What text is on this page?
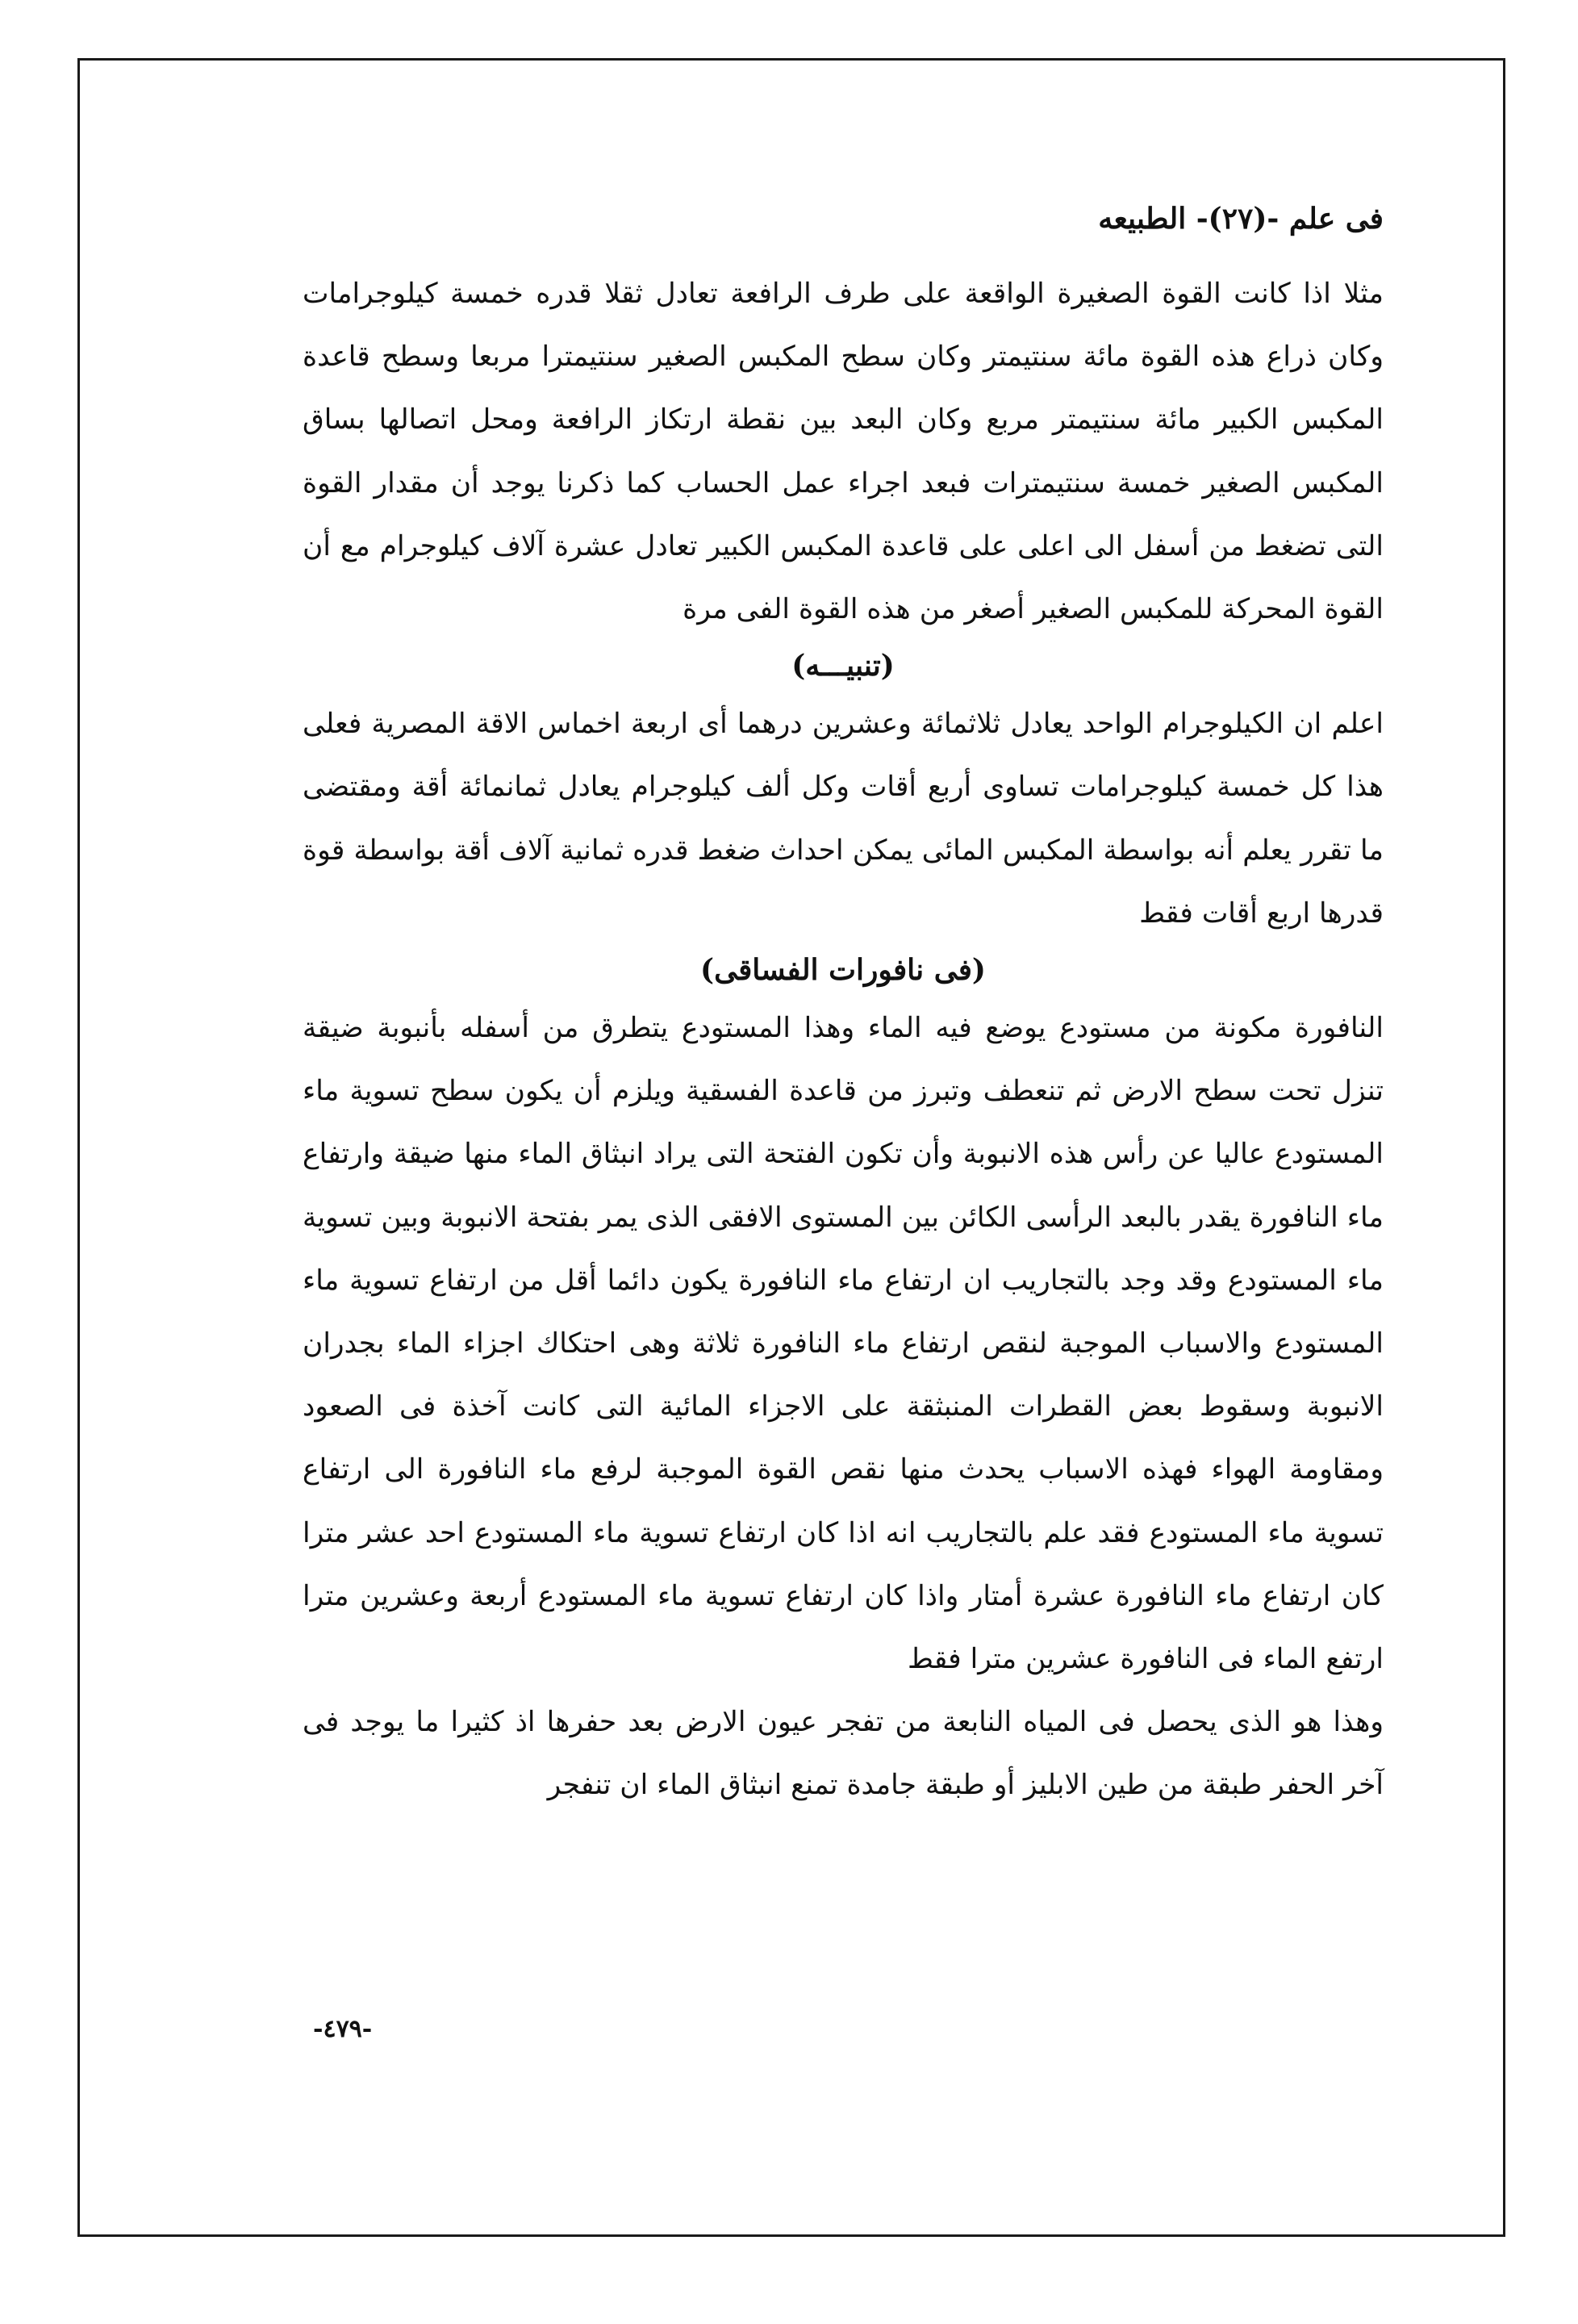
فى علم -(٢٧)- الطبيعه

مثلا اذا كانت القوة الصغيرة الواقعة على طرف الرافعة تعادل ثقلا قدره خمسة كيلوجرامات وكان ذراع هذه القوة مائة سنتيمتر وكان سطح المكبس الصغير سنتيمترا مربعا وسطح قاعدة المكبس الكبير مائة سنتيمتر مربع وكان البعد بين نقطة ارتكاز الرافعة ومحل اتصالها بساق المكبس الصغير خمسة سنتيمترات فبعد اجراء عمل الحساب كما ذكرنا يوجد أن مقدار القوة التى تضغط من أسفل الى اعلى على قاعدة المكبس الكبير تعادل عشرة آلاف كيلوجرام مع أن القوة المحركة للمكبس الصغير أصغر من هذه القوة الفى مرة

(تنبيـــه)

اعلم ان الكيلوجرام الواحد يعادل ثلاثمائة وعشرين درهما أى اربعة اخماس الاقة المصرية فعلى هذا كل خمسة كيلوجرامات تساوى أربع أقات وكل ألف كيلوجرام يعادل ثمانمائة أقة ومقتضى ما تقرر يعلم أنه بواسطة المكبس المائى يمكن احداث ضغط قدره ثمانية آلاف أقة بواسطة قوة قدرها اربع أقات فقط

(فى نافورات الفساقى)

النافورة مكونة من مستودع يوضع فيه الماء وهذا المستودع يتطرق من أسفله بأنبوبة ضيقة تنزل تحت سطح الارض ثم تنعطف وتبرز من قاعدة الفسقية ويلزم أن يكون سطح تسوية ماء المستودع عاليا عن رأس هذه الانبوبة وأن تكون الفتحة التى يراد انبثاق الماء منها ضيقة وارتفاع ماء النافورة يقدر بالبعد الرأسى الكائن بين المستوى الافقى الذى يمر بفتحة الانبوبة وبين تسوية ماء المستودع وقد وجد بالتجاريب ان ارتفاع ماء النافورة يكون دائما أقل من ارتفاع تسوية ماء المستودع والاسباب الموجبة لنقص ارتفاع ماء النافورة ثلاثة وهى احتكاك اجزاء الماء بجدران الانبوبة وسقوط بعض القطرات المنبثقة على الاجزاء المائية التى كانت آخذة فى الصعود ومقاومة الهواء فهذه الاسباب يحدث منها نقص القوة الموجبة لرفع ماء النافورة الى ارتفاع تسوية ماء المستودع فقد علم بالتجاريب انه اذا كان ارتفاع تسوية ماء المستودع احد عشر مترا كان ارتفاع ماء النافورة عشرة أمتار واذا كان ارتفاع تسوية ماء المستودع أربعة وعشرين مترا ارتفع الماء فى النافورة عشرين مترا فقط

وهذا هو الذى يحصل فى المياه النابعة من تفجر عيون الارض بعد حفرها اذ كثيرا ما يوجد فى آخر الحفر طبقة من طين الابليز أو طبقة جامدة تمنع انبثاق الماء ان تنفجر

-٤٧٩-
